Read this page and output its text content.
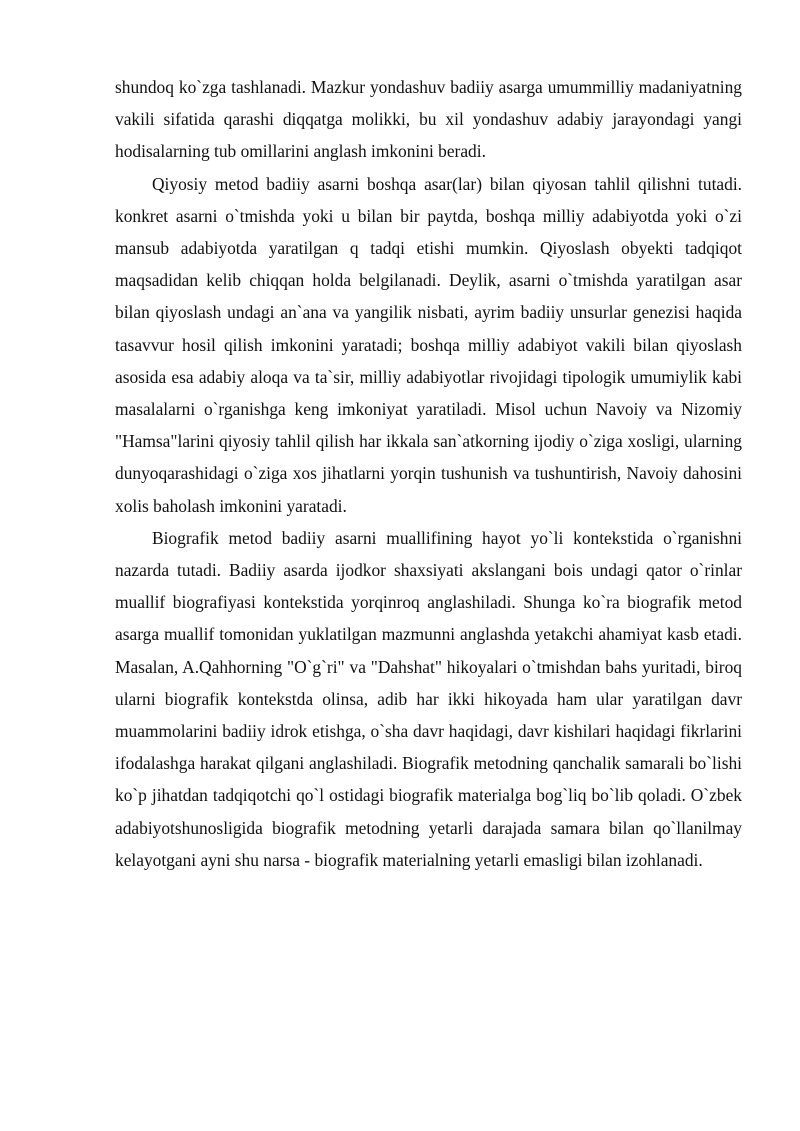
shundoq ko`zga tashlanadi. Mazkur yondashuv badiiy asarga umummilliy madaniyatning vakili sifatida qarashi diqqatga molikki, bu xil yondashuv adabiy jarayondagi yangi hodisalarning tub omillarini anglash imkonini beradi.

Qiyosiy metod badiiy asarni boshqa asar(lar) bilan qiyosan tahlil qilishni tutadi. konkret asarni o`tmishda yoki u bilan bir paytda, boshqa milliy adabiyotda yoki o`zi mansub adabiyotda yaratilgan q tadqi etishi mumkin. Qiyoslash obyekti tadqiqot maqsadidan kelib chiqqan holda belgilanadi. Deylik, asarni o`tmishda yaratilgan asar bilan qiyoslash undagi an`ana va yangilik nisbati, ayrim badiiy unsurlar genezisi haqida tasavvur hosil qilish imkonini yaratadi; boshqa milliy adabiyot vakili bilan qiyoslash asosida esa adabiy aloqa va ta`sir, milliy adabiyotlar rivojidagi tipologik umumiylik kabi masalalarni o`rganishga keng imkoniyat yaratiladi. Misol uchun Navoiy va Nizomiy "Hamsa"larini qiyosiy tahlil qilish har ikkala san`atkorning ijodiy o`ziga xosligi, ularning dunyoqarashidagi o`ziga xos jihatlarni yorqin tushunish va tushuntirish, Navoiy dahosini xolis baholash imkonini yaratadi.

Biografik metod badiiy asarni muallifining hayot yo`li kontekstida o`rganishni nazarda tutadi. Badiiy asarda ijodkor shaxsiyati akslangani bois undagi qator o`rinlar muallif biografiyasi kontekstida yorqinroq anglashiladi. Shunga ko`ra biografik metod asarga muallif tomonidan yuklatilgan mazmunni anglashda yetakchi ahamiyat kasb etadi. Masalan, A.Qahhorning "O`g`ri" va "Dahshat" hikoyalari o`tmishdan bahs yuritadi, biroq ularni biografik kontekstda olinsa, adib har ikki hikoyada ham ular yaratilgan davr muammolarini badiiy idrok etishga, o`sha davr haqidagi, davr kishilari haqidagi fikrlarini ifodalashga harakat qilgani anglashiladi. Biografik metodning qanchalik samarali bo`lishi ko`p jihatdan tadqiqotchi qo`l ostidagi biografik materialga bog`liq bo`lib qoladi. O`zbek adabiyotshunosligida biografik metodning yetarli darajada samara bilan qo`llanilmay kelayotgani ayni shu narsa - biografik materialning yetarli emasligi bilan izohlanadi.
